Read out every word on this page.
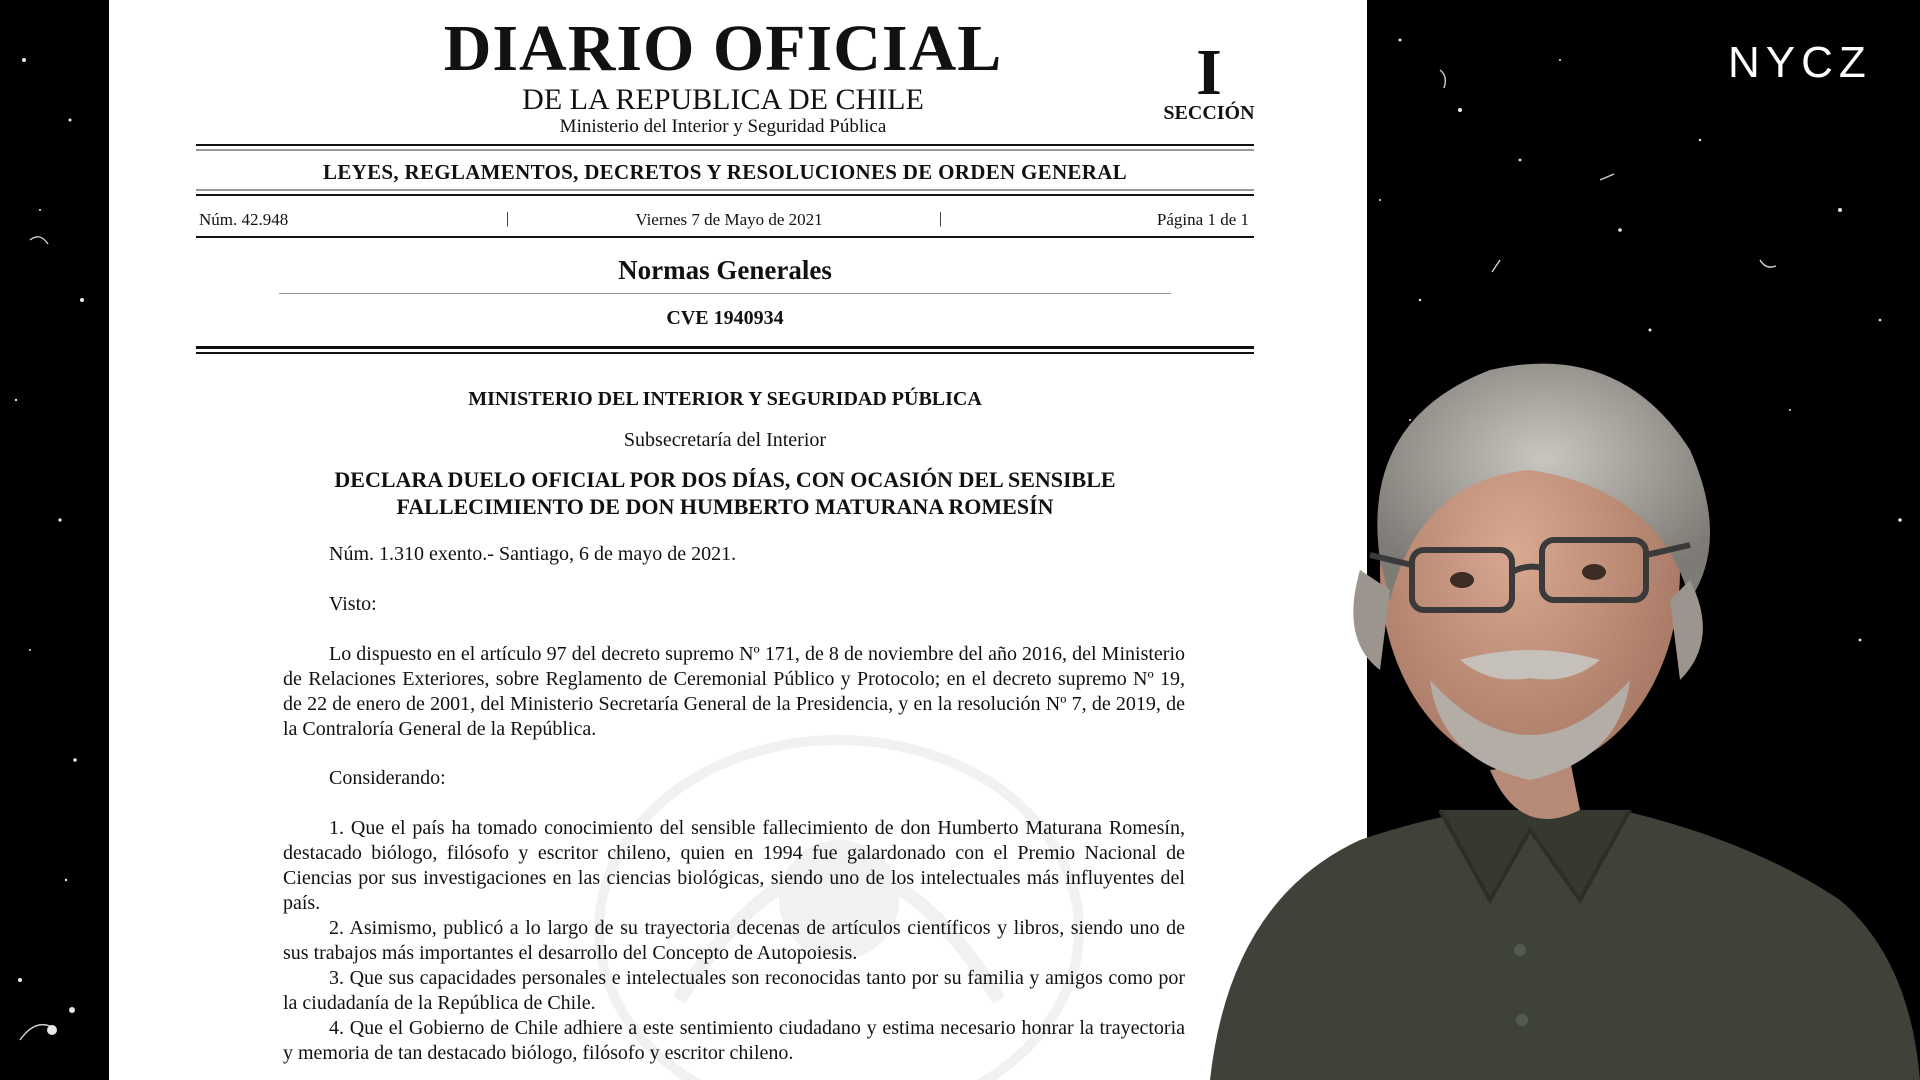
DIARIO OFICIAL
DE LA REPUBLICA DE CHILE
Ministerio del Interior y Seguridad Pública
I
SECCIÓN
LEYES, REGLAMENTOS, DECRETOS Y RESOLUCIONES DE ORDEN GENERAL
Núm. 42.948	|	Viernes 7 de Mayo de 2021	|	Página 1 de 1
Normas Generales
CVE 1940934
MINISTERIO DEL INTERIOR Y SEGURIDAD PÚBLICA
Subsecretaría del Interior
DECLARA DUELO OFICIAL POR DOS DÍAS, CON OCASIÓN DEL SENSIBLE
FALLECIMIENTO DE DON HUMBERTO MATURANA ROMESÍN
Núm. 1.310 exento.- Santiago, 6 de mayo de 2021.
Visto:
Lo dispuesto en el artículo 97 del decreto supremo Nº 171, de 8 de noviembre del año 2016, del Ministerio de Relaciones Exteriores, sobre Reglamento de Ceremonial Público y Protocolo; en el decreto supremo Nº 19, de 22 de enero de 2001, del Ministerio Secretaría General de la Presidencia, y en la resolución Nº 7, de 2019, de la Contraloría General de la República.
Considerando:
1. Que el país ha tomado conocimiento del sensible fallecimiento de don Humberto Maturana Romesín, destacado biólogo, filósofo y escritor chileno, quien en 1994 fue galardonado con el Premio Nacional de Ciencias por sus investigaciones en las ciencias biológicas, siendo uno de los intelectuales más influyentes del país.
2. Asimismo, publicó a lo largo de su trayectoria decenas de artículos científicos y libros, siendo uno de sus trabajos más importantes el desarrollo del Concepto de Autopoiesis.
3. Que sus capacidades personales e intelectuales son reconocidas tanto por su familia y amigos como por la ciudadanía de la República de Chile.
4. Que el Gobierno de Chile adhiere a este sentimiento ciudadano y estima necesario honrar la trayectoria y memoria de tan destacado biólogo, filósofo y escritor chileno.
NYCZ
